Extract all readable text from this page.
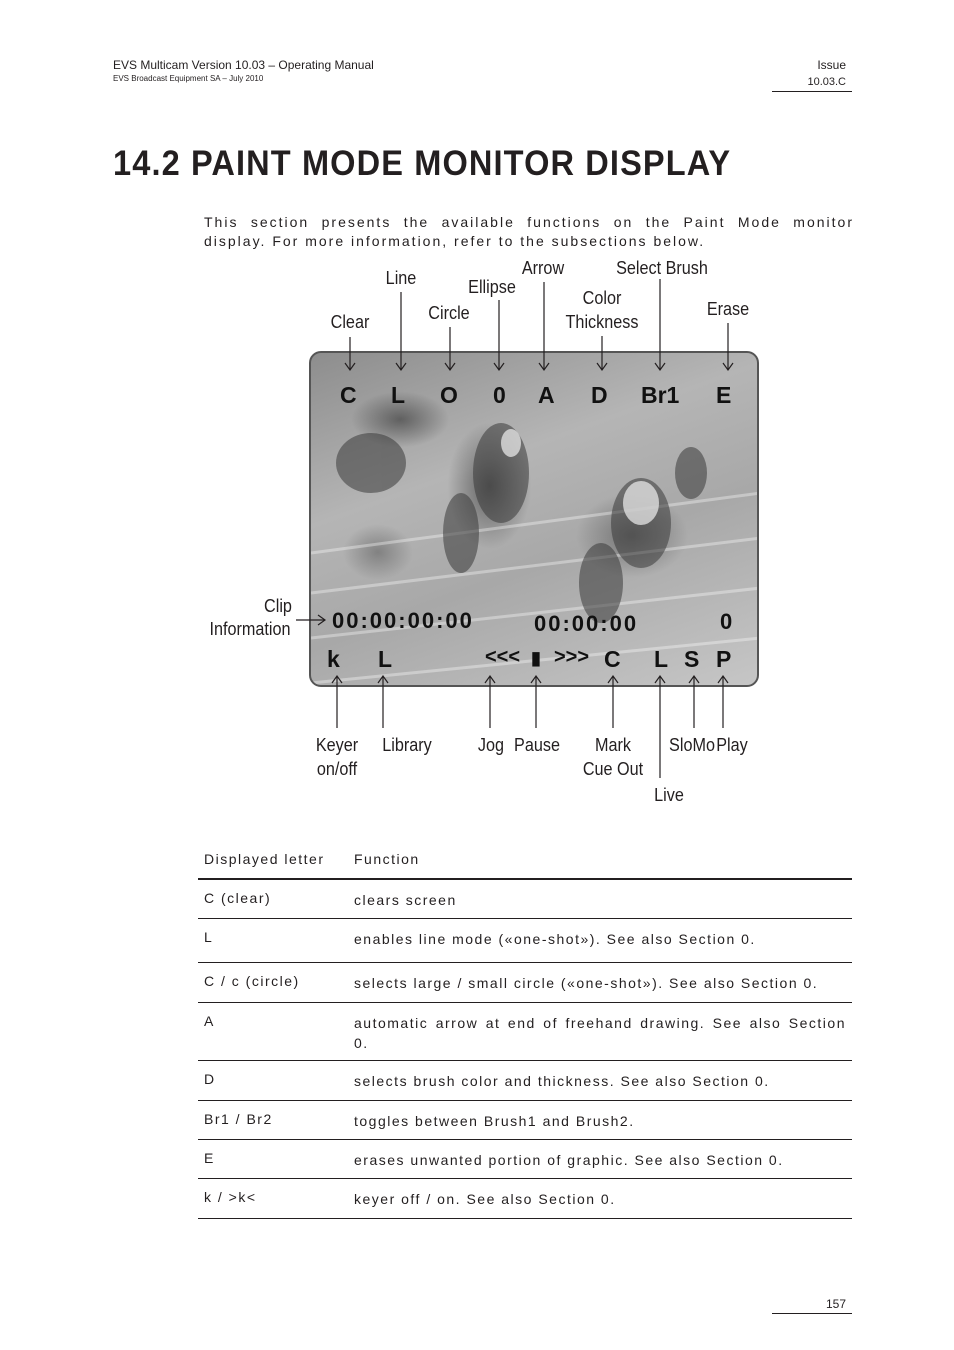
EVS Multicam Version 10.03 – Operating Manual
EVS Broadcast Equipment SA – July 2010
Issue
10.03.C
14.2 PAINT MODE MONITOR DISPLAY
This section presents the available functions on the Paint Mode monitor display. For more information, refer to the subsections below.
Clear
Line
Circle
Ellipse
Arrow
Color
Thickness
Select Brush
Erase
Clip
Information
C L O 0 A D Br1 E
00:00:00:00	00:00:00	0
k L	<<< ▮ >>> C L S P
Keyer
on/off
Library	Jog Pause	Mark
Cue Out
SloMo Play
Live
Displayed letter	Function
C (clear)	clears screen
L	enables line mode («one-shot»). See also Section 0.
C / c (circle)	selects large / small circle («one-shot»). See also Section 0.
A	automatic arrow at end of freehand drawing. See also Section 0.
D	selects brush color and thickness. See also Section 0.
Br1 / Br2	toggles between Brush1 and Brush2.
E	erases unwanted portion of graphic. See also Section 0.
k / >k<	keyer off / on. See also Section 0.
157
